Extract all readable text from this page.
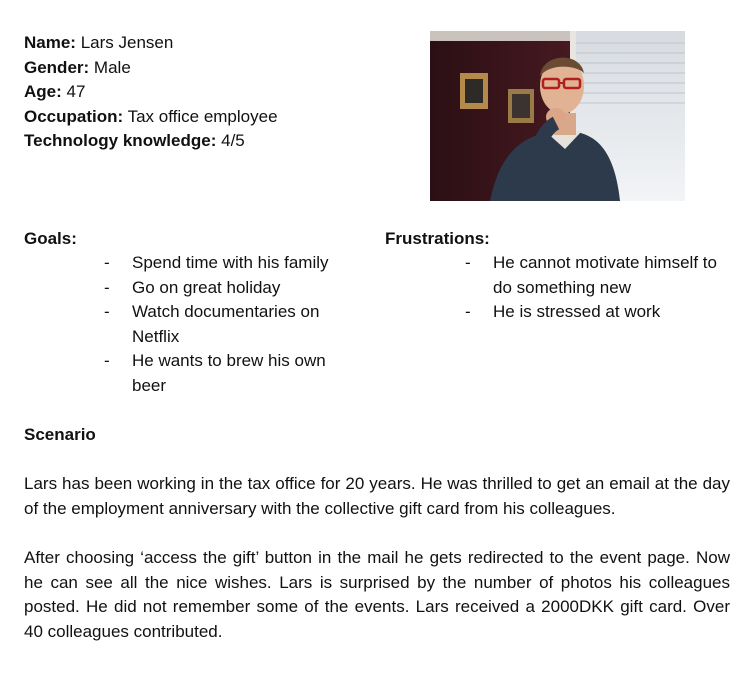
Name: Lars Jensen
Gender: Male
Age: 47
Occupation: Tax office employee
Technology knowledge: 4/5
Goals:
- Spend time with his family
- Go on great holiday
- Watch documentaries on Netflix
- He wants to brew his own beer
Frustrations:
- He cannot motivate himself to do something new
- He is stressed at work
Scenario

Lars has been working in the tax office for 20 years. He was thrilled to get an email at the day of the employment anniversary with the collective gift card from his colleagues.

After choosing ‘access the gift’ button in the mail he gets redirected to the event page. Now he can see all the nice wishes. Lars is surprised by the number of photos his colleagues posted. He did not remember some of the events. Lars received a 2000DKK gift card. Over 40 colleagues contributed.
